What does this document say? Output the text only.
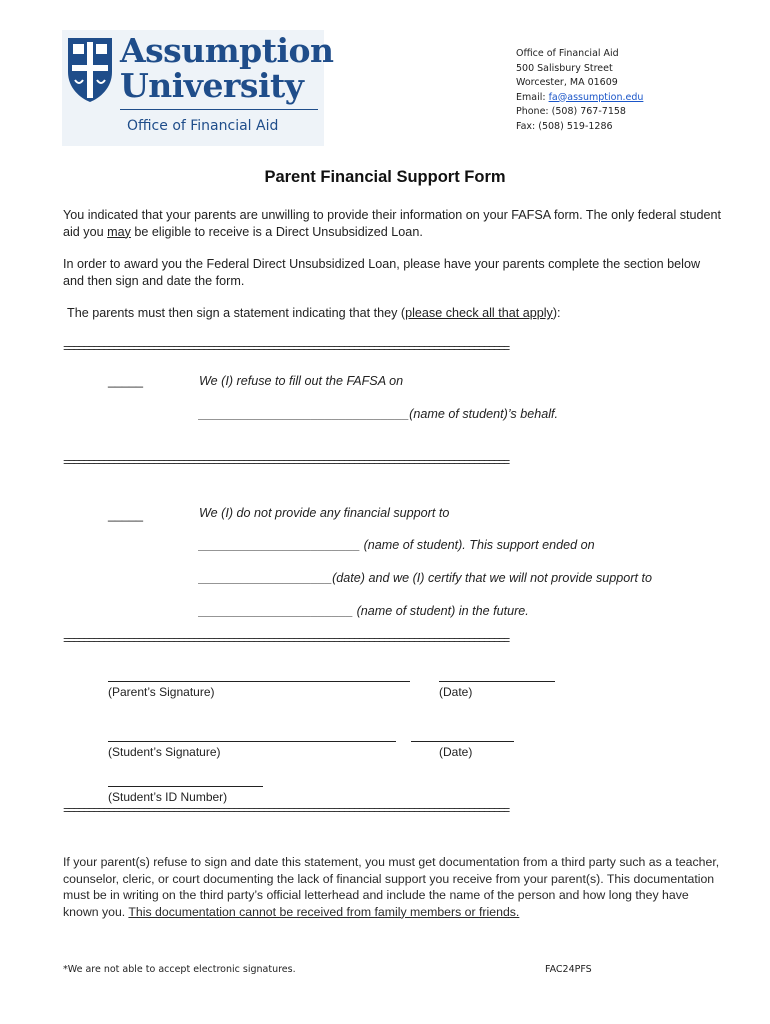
Assumption
University
Office of Financial Aid
Office of Financial Aid
500 Salisbury Street
Worcester, MA 01609
Email: fa@assumption.edu
Phone: (508) 767-7158
Fax: (508) 519-1286
Parent Financial Support Form
You indicated that your parents are unwilling to provide their information on your FAFSA form. The only federal student aid you may be eligible to receive is a Direct Unsubsidized Loan.
In order to award you the Federal Direct Unsubsidized Loan, please have your parents complete the section below and then sign and date the form.
The parents must then sign a statement indicating that they (please check all that apply):
=========================================================================================
_____	We (I) refuse to fill out the FAFSA on
______________________________(name of student)’s behalf.
=========================================================================================
_____	We (I) do not provide any financial support to
_______________________ (name of student). This support ended on
___________________(date) and we (I) certify that we will not provide support to
______________________ (name of student) in the future.
=========================================================================================
(Parent’s Signature)	(Date)
(Student’s Signature)	(Date)
(Student’s ID Number)
=========================================================================================
If your parent(s) refuse to sign and date this statement, you must get documentation from a third party such as a teacher, counselor, cleric, or court documenting the lack of financial support you receive from your parent(s). This documentation must be in writing on the third party’s official letterhead and include the name of the person and how long they have known you. This documentation cannot be received from family members or friends.
*We are not able to accept electronic signatures.	FAC24PFS
